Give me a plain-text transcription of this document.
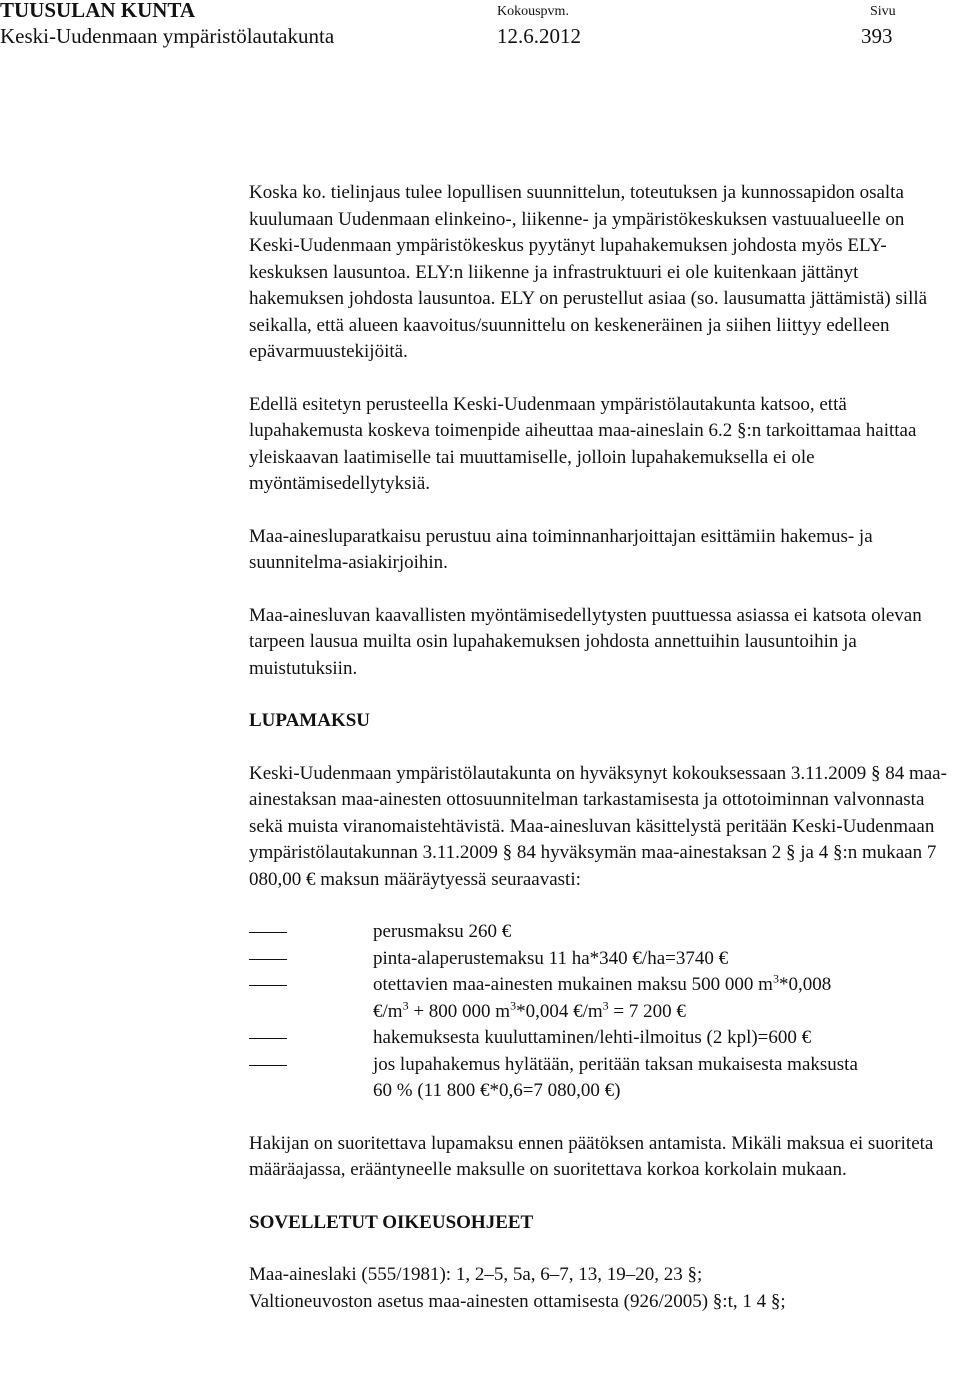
TUUSULAN KUNTA
Keski-Uudenmaan ympäristölautakunta
Kokouspvm.
12.6.2012
Sivu
393

Koska ko. tielinjaus tulee lopullisen suunnittelun, toteutuksen ja kunnossapidon osalta kuulumaan Uudenmaan elinkeino-, liikenne- ja ympäristökeskuksen vastuualueelle on Keski-Uudenmaan ympäristökeskus pyytänyt lupahakemuksen johdosta myös ELY-keskuksen lausuntoa. ELY:n liikenne ja infrastruktuuri ei ole kuitenkaan jättänyt hakemuksen johdosta lausuntoa. ELY on perustellut asiaa (so. lausumatta jättämistä) sillä seikalla, että alueen kaavoitus/suunnittelu on keskeneräinen ja siihen liittyy edelleen epävarmuustekijöitä.

Edellä esitetyn perusteella Keski-Uudenmaan ympäristölautakunta katsoo, että lupahakemusta koskeva toimenpide aiheuttaa maa-aineslain 6.2 §:n tarkoittamaa haittaa yleiskaavan laatimiselle tai muuttamiselle, jolloin lupahakemuksella ei ole myöntämisedellytyksiä.

Maa-ainesluparatkaisu perustuu aina toiminnanharjoittajan esittämiin hakemus- ja suunnitelma-asiakirjoihin.

Maa-ainesluvan kaavallisten myöntämisedellytysten puuttuessa asiassa ei katsota olevan tarpeen lausua muilta osin lupahakemuksen johdosta annettuihin lausuntoihin ja muistutuksiin.

LUPAMAKSU

Keski-Uudenmaan ympäristölautakunta on hyväksynyt kokouksessaan 3.11.2009 § 84 maa-ainestaksan maa-ainesten ottosuunnitelman tarkastamisesta ja ottotoiminnan valvonnasta sekä muista viranomaistehtävistä. Maa-ainesluvan käsittelystä peritään Keski-Uudenmaan ympäristölautakunnan 3.11.2009 § 84 hyväksymän maa-ainestaksan 2 § ja 4 §:n mukaan 7 080,00 € maksun määräytyessä seuraavasti:

perusmaksu 260 €
pinta-alaperustemaksu 11 ha*340 €/ha=3740 €
otettavien maa-ainesten mukainen maksu 500 000 $m^3*0,008$
$€/m^3 + 800$ 000 $m^3*0,004$ $€/m^3 = 7$ 200 €
hakemuksesta kuuluttaminen/lehti-ilmoitus (2 kpl)=600 €
jos lupahakemus hylätään, peritään taksan mukaisesta maksusta
60 % (11 800 €*0,6=7 080,00 €)

Hakijan on suoritettava lupamaksu ennen päätöksen antamista. Mikäli maksua ei suoriteta määräajassa, erääntyneelle maksulle on suoritettava korkoa korkolain mukaan.

SOVELLETUT OIKEUSOHJEET

Maa-aineslaki (555/1981): 1, 2–5, 5a, 6–7, 13, 19–20, 23 §;

Valtioneuvoston asetus maa-ainesten ottamisesta (926/2005) §:t, 1 4 §;
